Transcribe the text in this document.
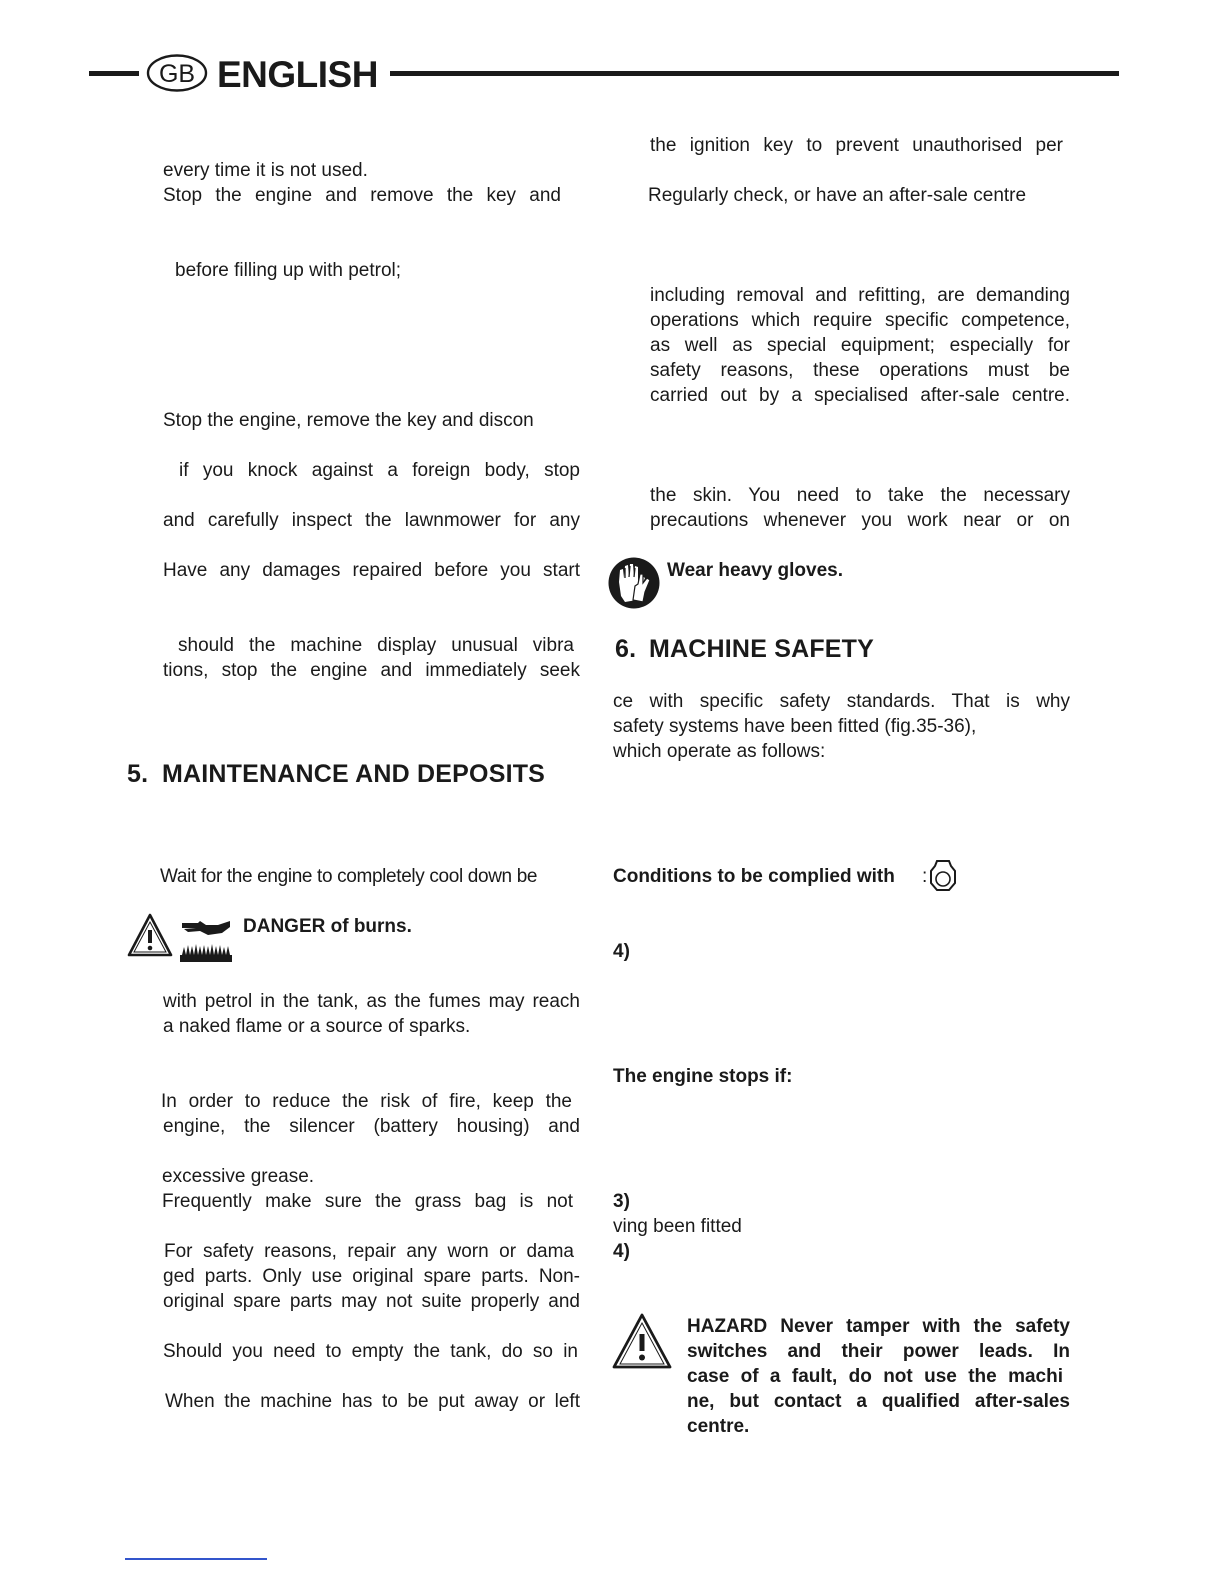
GB ENGLISH
every time it is not used.
Stop the engine and remove the key and
before filling up with petrol;
Stop the engine, remove the key and discon
if you knock against a foreign body, stop
and carefully inspect the lawnmower for any
Have any damages repaired before you start
should the machine display unusual vibra
tions, stop the engine and immediately seek
5. MAINTENANCE AND DEPOSITS
Wait for the engine to completely cool down be
DANGER of burns.
with petrol in the tank, as the fumes may reach
a naked flame or a source of sparks.
In order to reduce the risk of fire, keep the
engine, the silencer (battery housing) and
excessive grease.
Frequently make sure the grass bag is not
For safety reasons, repair any worn or dama
ged parts. Only use original spare parts. Non-
original spare parts may not suite properly and
Should you need to empty the tank, do so in
When the machine has to be put away or left
the ignition key to prevent unauthorised per
Regularly check, or have an after-sale centre
including removal and refitting, are demanding
operations which require specific competence,
as well as special equipment; especially for
safety reasons, these operations must be
carried out by a specialised after-sale centre.
the skin. You need to take the necessary
precautions whenever you work near or on
Wear heavy gloves.
6. MACHINE SAFETY
ce with specific safety standards. That is why
safety systems have been fitted (fig.35-36),
which operate as follows:
Conditions to be complied with :
4)
The engine stops if:
3)
ving been fitted
4)
HAZARD Never tamper with the safety
switches and their power leads. In
case of a fault, do not use the machi
ne, but contact a qualified after-sales
centre.
